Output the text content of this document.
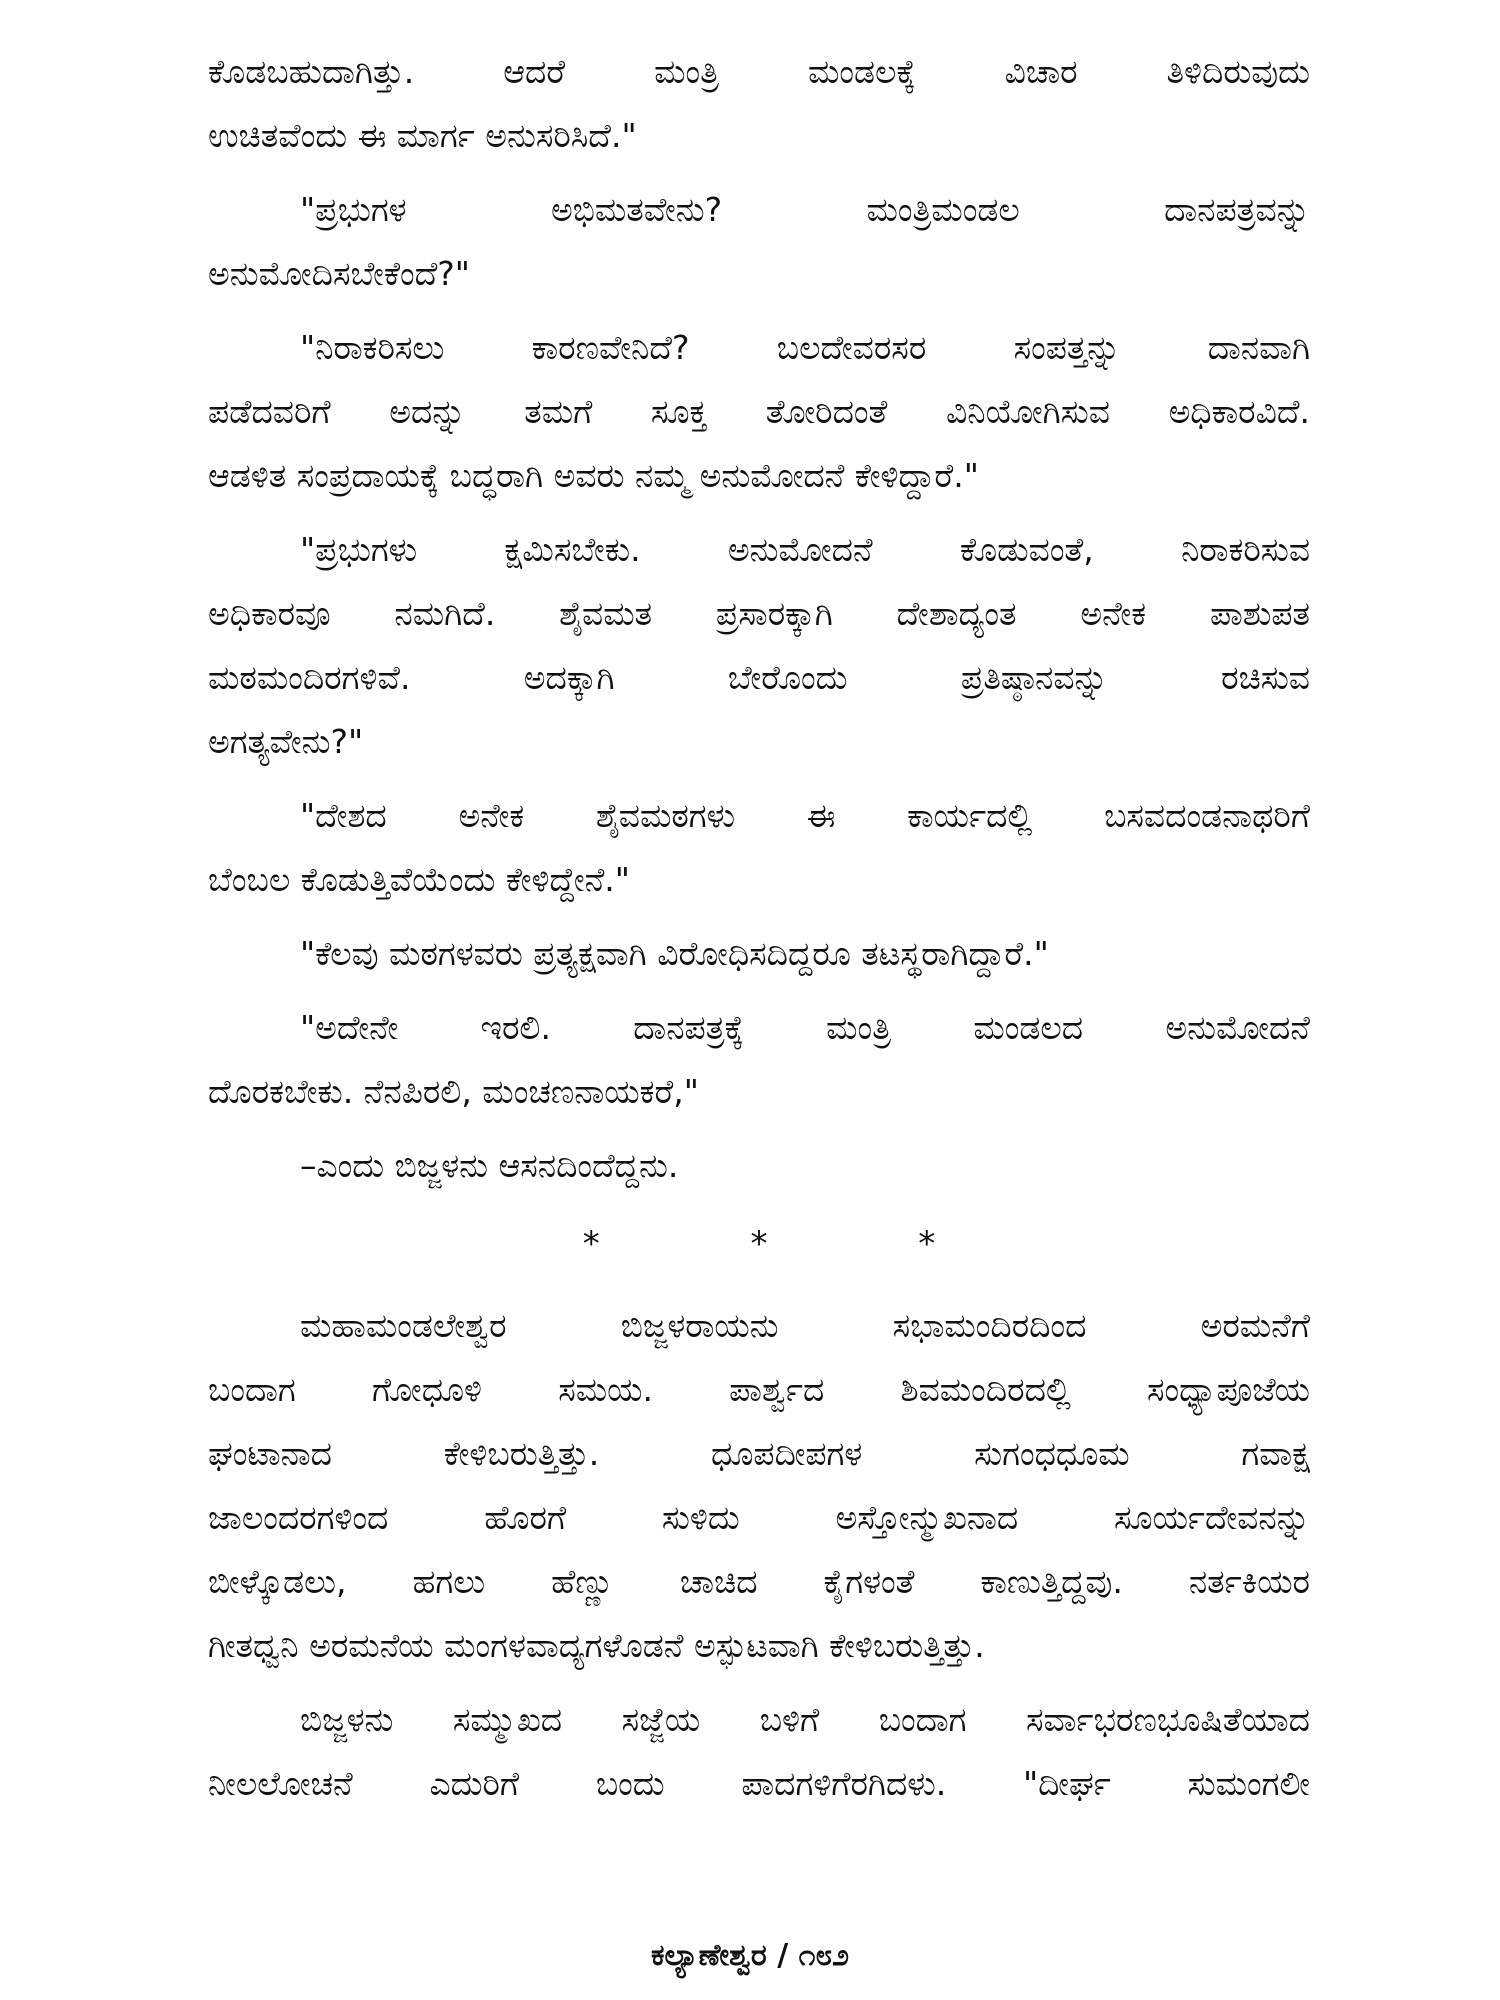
ಕೊಡಬಹುದಾಗಿತ್ತು. ಆದರೆ ಮಂತ್ರಿ ಮಂಡಲಕ್ಕೆ ವಿಚಾರ ತಿಳಿದಿರುವುದು
ಉಚಿತವೆಂದು ಈ ಮಾರ್ಗ ಅನುಸರಿಸಿದೆ."
"ಪ್ರಭುಗಳ ಅಭಿಮತವೇನು? ಮಂತ್ರಿಮಂಡಲ ದಾನಪತ್ರವನ್ನು
ಅನುಮೋದಿಸಬೇಕೆಂದೆ?"
"ನಿರಾಕರಿಸಲು ಕಾರಣವೇನಿದೆ? ಬಲದೇವರಸರ ಸಂಪತ್ತನ್ನು ದಾನವಾಗಿ
ಪಡೆದವರಿಗೆ ಅದನ್ನು ತಮಗೆ ಸೂಕ್ತ ತೋರಿದಂತೆ ವಿನಿಯೋಗಿಸುವ ಅಧಿಕಾರವಿದೆ.
ಆಡಳಿತ ಸಂಪ್ರದಾಯಕ್ಕೆ ಬದ್ಧರಾಗಿ ಅವರು ನಮ್ಮ ಅನುಮೋದನೆ ಕೇಳಿದ್ದಾರೆ."
"ಪ್ರಭುಗಳು ಕ್ಷಮಿಸಬೇಕು. ಅನುಮೋದನೆ ಕೊಡುವಂತೆ, ನಿರಾಕರಿಸುವ
ಅಧಿಕಾರವೂ ನಮಗಿದೆ. ಶೈವಮತ ಪ್ರಸಾರಕ್ಕಾಗಿ ದೇಶಾದ್ಯಂತ ಅನೇಕ ಪಾಶುಪತ
ಮಠಮಂದಿರಗಳಿವೆ. ಅದಕ್ಕಾಗಿ ಬೇರೊಂದು ಪ್ರತಿಷ್ಠಾನವನ್ನು ರಚಿಸುವ
ಅಗತ್ಯವೇನು?"
"ದೇಶದ ಅನೇಕ ಶೈವಮಠಗಳು ಈ ಕಾರ್ಯದಲ್ಲಿ ಬಸವದಂಡನಾಥರಿಗೆ
ಬೆಂಬಲ ಕೊಡುತ್ತಿವೆಯೆಂದು ಕೇಳಿದ್ದೇನೆ."
"ಕೆಲವು ಮಠಗಳವರು ಪ್ರತ್ಯಕ್ಷವಾಗಿ ವಿರೋಧಿಸದಿದ್ದರೂ ತಟಸ್ಥರಾಗಿದ್ದಾರೆ."
"ಅದೇನೇ ಇರಲಿ. ದಾನಪತ್ರಕ್ಕೆ ಮಂತ್ರಿ ಮಂಡಲದ ಅನುಮೋದನೆ
ದೊರಕಬೇಕು. ನೆನಪಿರಲಿ, ಮಂಚಣನಾಯಕರೆ,"
–ಎಂದು ಬಿಜ್ಜಳನು ಆಸನದಿಂದೆದ್ದನು.
* * *
ಮಹಾಮಂಡಲೇಶ್ವರ ಬಿಜ್ಜಳರಾಯನು ಸಭಾಮಂದಿರದಿಂದ ಅರಮನೆಗೆ
ಬಂದಾಗ ಗೋಧೂಳಿ ಸಮಯ. ಪಾರ್ಶ್ವದ ಶಿವಮಂದಿರದಲ್ಲಿ ಸಂಧ್ಯಾಪೂಜೆಯ
ಘಂಟಾನಾದ ಕೇಳಿಬರುತ್ತಿತ್ತು. ಧೂಪದೀಪಗಳ ಸುಗಂಧಧೂಮ ಗವಾಕ್ಷ
ಜಾಲಂದರಗಳಿಂದ ಹೊರಗೆ ಸುಳಿದು ಅಸ್ತೋನ್ಮುಖನಾದ ಸೂರ್ಯದೇವನನ್ನು
ಬೀಳ್ಕೊಡಲು, ಹಗಲು ಹೆಣ್ಣು ಚಾಚಿದ ಕೈಗಳಂತೆ ಕಾಣುತ್ತಿದ್ದವು. ನರ್ತಕಿಯರ
ಗೀತಧ್ವನಿ ಅರಮನೆಯ ಮಂಗಳವಾದ್ಯಗಳೊಡನೆ ಅಸ್ಫುಟವಾಗಿ ಕೇಳಿಬರುತ್ತಿತ್ತು.
ಬಿಜ್ಜಳನು ಸಮ್ಮುಖದ ಸಜ್ಜೆಯ ಬಳಿಗೆ ಬಂದಾಗ ಸರ್ವಾಭರಣಭೂಷಿತೆಯಾದ
ನೀಲಲೋಚನೆ ಎದುರಿಗೆ ಬಂದು ಪಾದಗಳಿಗೆರಗಿದಳು. "ದೀರ್ಘ ಸುಮಂಗಲೀ
ಕಲ್ಯಾಣೇಶ್ವರ / ೧೮೨
